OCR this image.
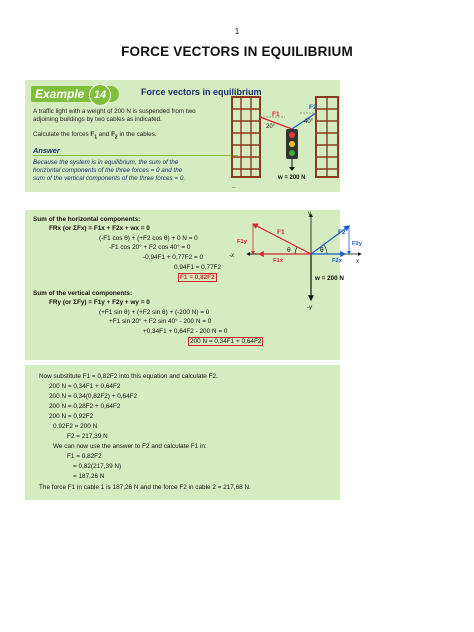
1
FORCE VECTORS IN EQUILIBRIUM
Example 14	Force vectors in equilibrium
A traffic light with a weight of 200 N is suspended from two
adjoining buildings by two cables as indicated.
Calculate the forces $F_1$ and $F_2$ in the cables.
Answer
Because the system is in equilibrium, the sum of the
horizontal components of the three forces = 0 and the
sum of the vertical components of the three forces = 0.
F1
F2
20°
40°
w = 200 N
–
Sum of the horizontal components:
FRx (or ΣFx) = F1x + F2x + wx = 0
(-F1 cos θ) + (+F2 cos θ) + 0 N = 0
-F1 cos 20° + F2 cos 40° = 0
-0,94F1 + 0,77F2 = 0
0,94F1 = 0,77F2
F1 = 0,82F2
Sum of the vertical components:
FRy (or ΣFy) = F1y + F2y + wy = 0
(+F1 sin θ) + (+F2 sin θ) + (-200 N) = 0
+F1 sin 20° + F2 sin 40° - 200 N = 0
+0,34F1 + 0,64F2 - 200 N = 0
200 N = 0,34F1 + 0,64F2
y
-x
x
-y
F1	F2
F1y	F2y
F1x	F2x
θ	θ
w = 200 N
Now substitute F1 = 0,82F2 into this equation and calculate F2.
200 N = 0,34F1 + 0,64F2
200 N = 0,34(0,82F2) + 0,64F2
200 N = 0,28F2 + 0,64F2
200 N = 0,92F2
0,92F2 = 200 N
F2 = 217,39 N
We can now use the answer to F2 and calculate F1 in:
F1 = 0,82F2
= 0,82(217,39 N)
= 187,26 N
The force F1 in cable 1 is 187,26 N and the force F2 in cable 2 = 217,68 N.
